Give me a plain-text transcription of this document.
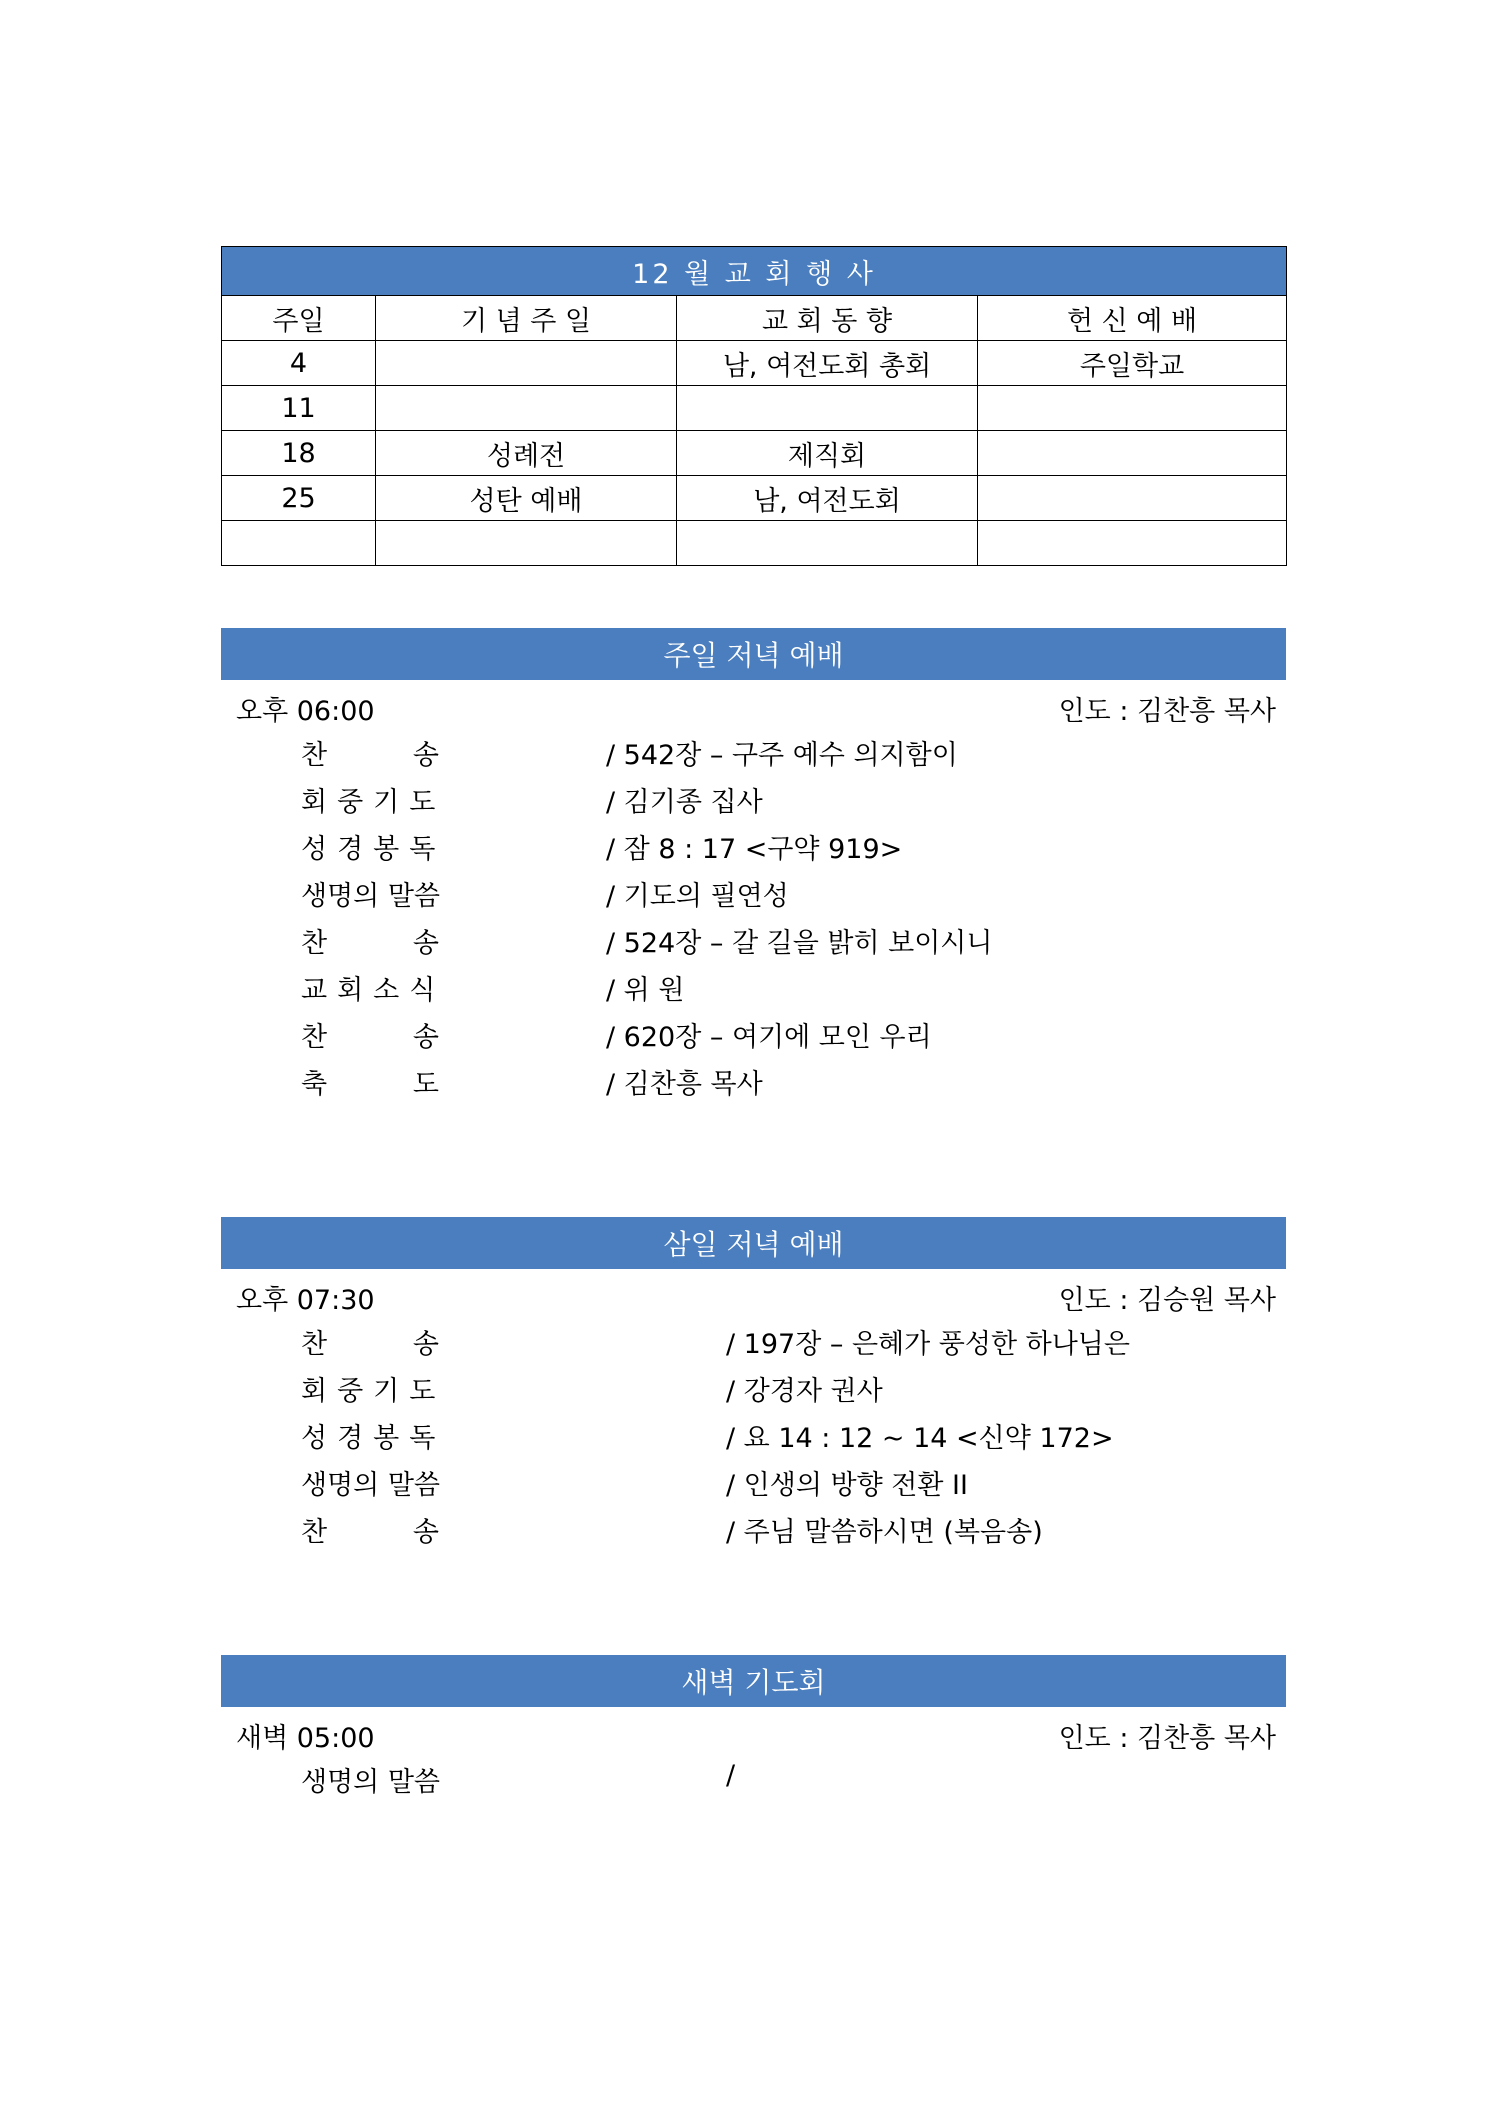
12 월 교 회 행 사			
주일	기 념 주 일	교 회 동 향	헌 신 예 배
4		남, 여전도회 총회	주일학교
11			
18	성례전	제직회	
25	성탄 예배	남, 여전도회	

주일 저녁 예배
오후 06:00	인도 : 김찬흥 목사
찬	송	/ 542장 – 구주 예수 의지함이
회중기도	/ 김기종 집사
성경봉독	/ 잠 8 : 17 <구약 919>
생명의 말씀	/ 기도의 필연성
찬	송	/ 524장 – 갈 길을 밝히 보이시니
교회소식	/ 위 원
찬	송	/ 620장 – 여기에 모인 우리
축	도	/ 김찬흥 목사
삼일 저녁 예배
오후 07:30	인도 : 김승원 목사
찬	송	/ 197장 – 은혜가 풍성한 하나님은
회중기도	/ 강경자 권사
성경봉독	/ 요 14 : 12 ~ 14 <신약 172>
생명의 말씀	/ 인생의 방향 전환 II
찬	송	/ 주님 말씀하시면 (복음송)
새벽 기도회
새벽 05:00	인도 : 김찬흥 목사
생명의 말씀	/
